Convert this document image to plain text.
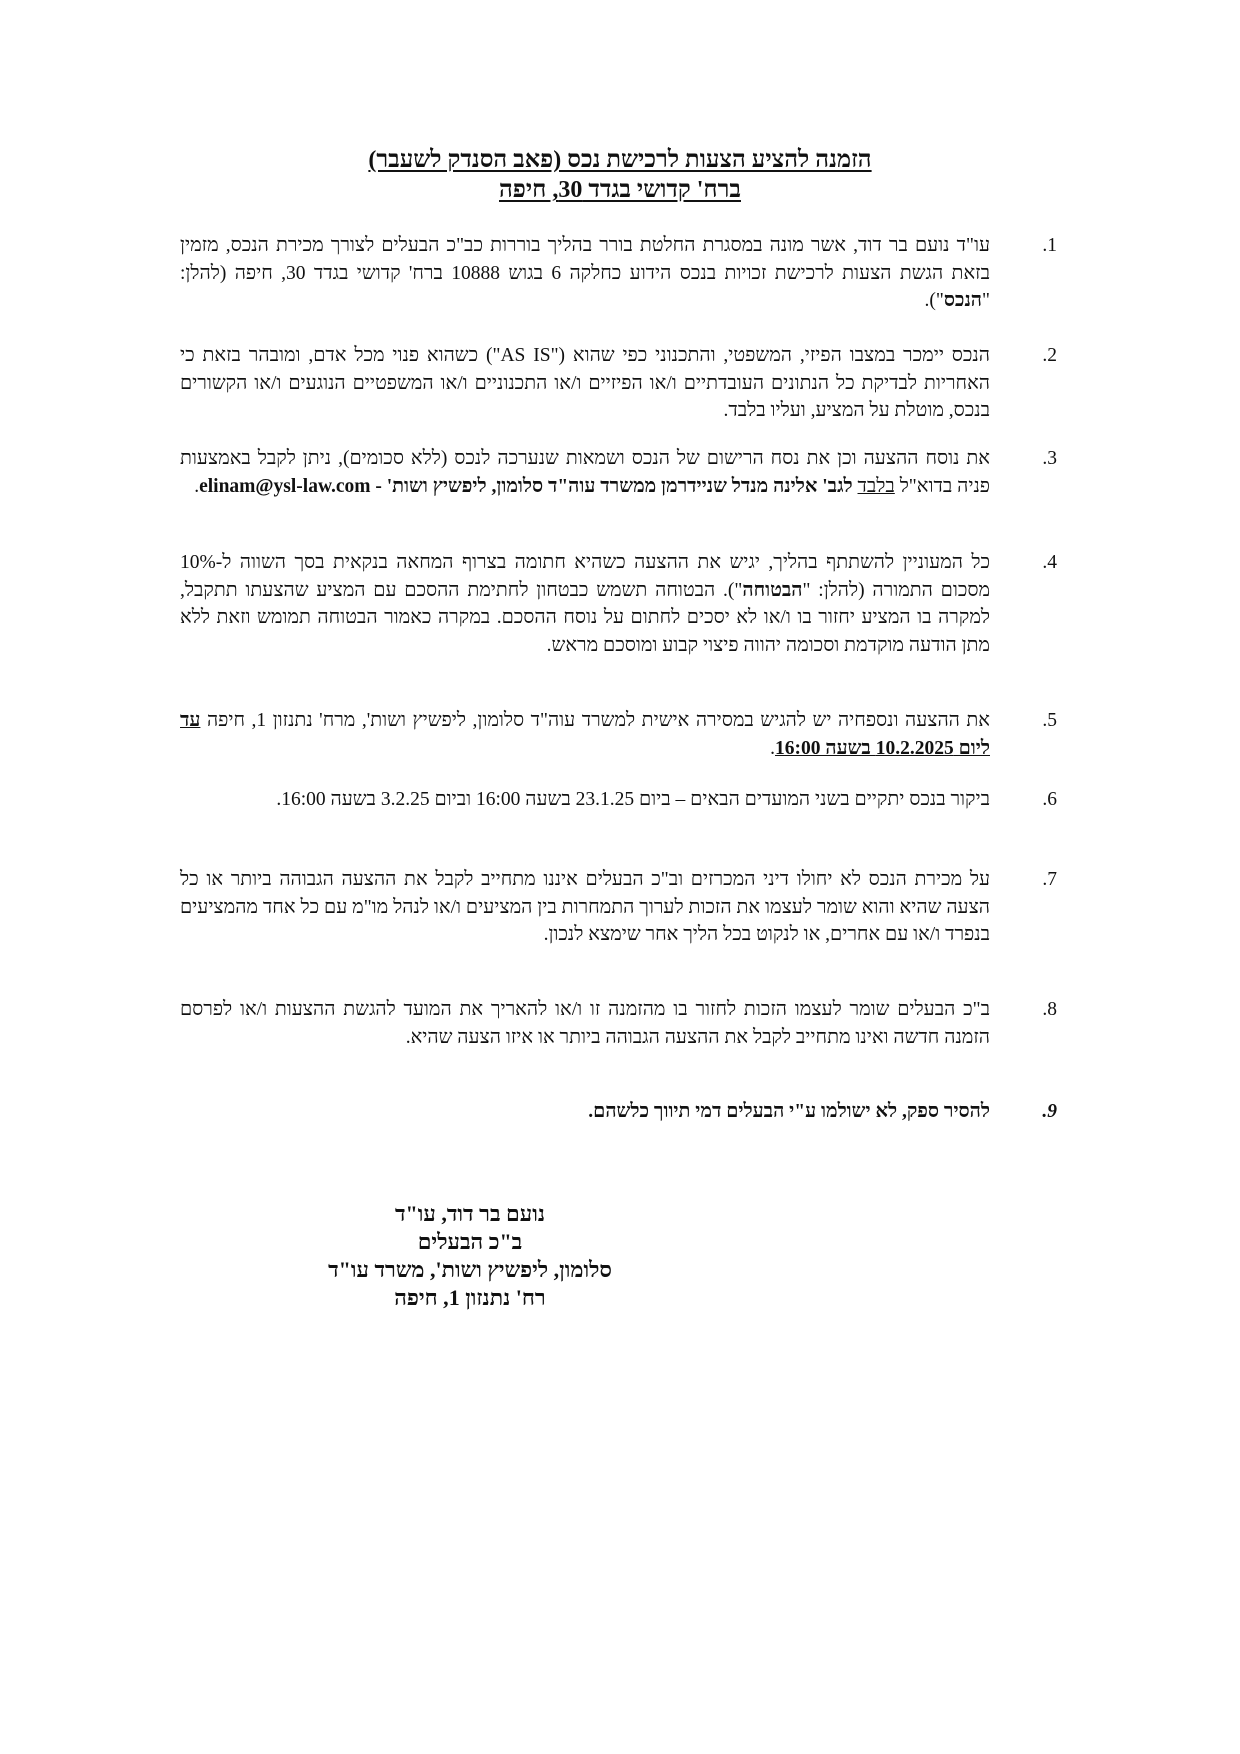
הזמנה להציע הצעות לרכישת נכס (פאב הסנדק לשעבר)
ברח' קדושי בגדד 30, חיפה
1.
עו"ד נועם בר דוד, אשר מונה במסגרת החלטת בורר בהליך בוררות כב"כ הבעלים לצורך מכירת הנכס, מזמין בזאת הגשת הצעות לרכישת זכויות בנכס הידוע כחלקה 6 בגוש 10888 ברח' קדושי בגדד 30, חיפה (להלן: "הנכס").
2.
הנכס יימכר במצבו הפיזי, המשפטי, והתכנוני כפי שהוא ("AS IS") כשהוא פנוי מכל אדם, ומובהר בזאת כי האחריות לבדיקת כל הנתונים העובדתיים ו/או הפיזיים ו/או התכנוניים ו/או המשפטיים הנוגעים ו/או הקשורים בנכס, מוטלת על המציע, ועליו בלבד.
3.
את נוסח ההצעה וכן את נסח הרישום של הנכס ושמאות שנערכה לנכס (ללא סכומים), ניתן לקבל באמצעות פניה בדוא"ל בלבד לגב' אלינה מנדל שניידרמן ממשרד עוה"ד סלומון, ליפשיץ ושות' - elinam@ysl-law.com.
4.
כל המעוניין להשתתף בהליך, יגיש את ההצעה כשהיא חתומה בצרוף המחאה בנקאית בסך השווה ל-10% מסכום התמורה (להלן: "הבטוחה"). הבטוחה תשמש כבטחון לחתימת ההסכם עם המציע שהצעתו תתקבל, למקרה בו המציע יחזור בו ו/או לא יסכים לחתום על נוסח ההסכם. במקרה כאמור הבטוחה תמומש וזאת ללא מתן הודעה מוקדמת וסכומה יהווה פיצוי קבוע ומוסכם מראש.
5.
את ההצעה ונספחיה יש להגיש במסירה אישית למשרד עוה"ד סלומון, ליפשיץ ושות', מרח' נתנזון 1, חיפה עד ליום 10.2.2025 בשעה 16:00.
6.
ביקור בנכס יתקיים בשני המועדים הבאים – ביום 23.1.25 בשעה 16:00 וביום 3.2.25 בשעה 16:00.
7.
על מכירת הנכס לא יחולו דיני המכרזים וב"כ הבעלים איננו מתחייב לקבל את ההצעה הגבוהה ביותר או כל הצעה שהיא והוא שומר לעצמו את הזכות לערוך התמחרות בין המציעים ו/או לנהל מו"מ עם כל אחד מהמציעים בנפרד ו/או עם אחרים, או לנקוט בכל הליך אחר שימצא לנכון.
8.
ב"כ הבעלים שומר לעצמו הזכות לחזור בו מהזמנה זו ו/או להאריך את המועד להגשת ההצעות ו/או לפרסם הזמנה חדשה ואינו מתחייב לקבל את ההצעה הגבוהה ביותר או איזו הצעה שהיא.
9.
להסיר ספק, לא ישולמו ע"י הבעלים דמי תיווך כלשהם.
נועם בר דוד, עו"ד
ב"כ הבעלים
סלומון, ליפשיץ ושות', משרד עו"ד
רח' נתנזון 1, חיפה
